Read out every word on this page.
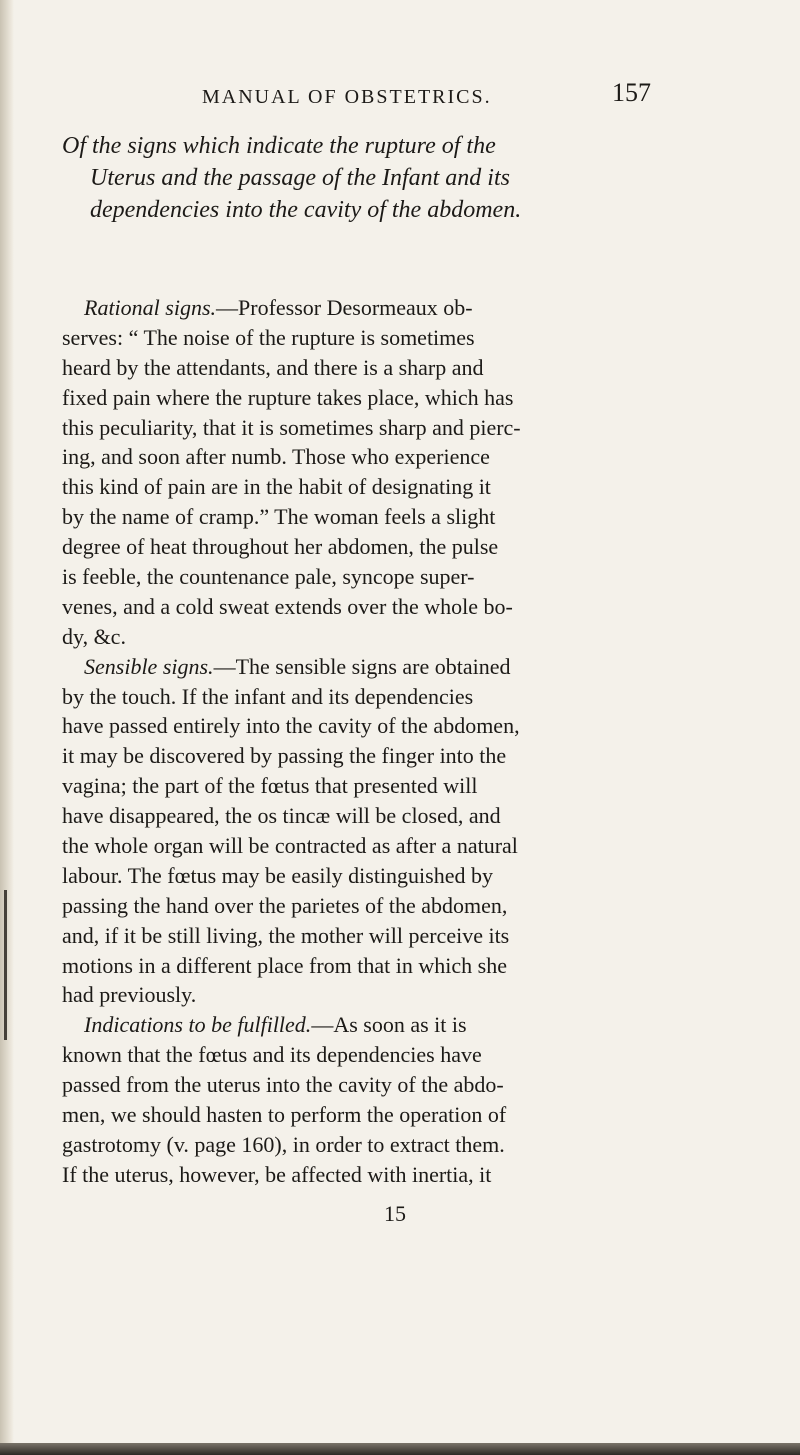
MANUAL OF OBSTETRICS.	157
Of the signs which indicate the rupture of the
Uterus and the passage of the Infant and its
dependencies into the cavity of the abdomen.
Rational signs.—Professor Desormeaux ob-
serves: “ The noise of the rupture is sometimes
heard by the attendants, and there is a sharp and
fixed pain where the rupture takes place, which has
this peculiarity, that it is sometimes sharp and pierc-
ing, and soon after numb. Those who experience
this kind of pain are in the habit of designating it
by the name of cramp.” The woman feels a slight
degree of heat throughout her abdomen, the pulse
is feeble, the countenance pale, syncope super-
venes, and a cold sweat extends over the whole bo-
dy, &c.
Sensible signs.—The sensible signs are obtained
by the touch. If the infant and its dependencies
have passed entirely into the cavity of the abdomen,
it may be discovered by passing the finger into the
vagina; the part of the fœtus that presented will
have disappeared, the os tincæ will be closed, and
the whole organ will be contracted as after a natural
labour. The fœtus may be easily distinguished by
passing the hand over the parietes of the abdomen,
and, if it be still living, the mother will perceive its
motions in a different place from that in which she
had previously.
Indications to be fulfilled.—As soon as it is
known that the fœtus and its dependencies have
passed from the uterus into the cavity of the abdo-
men, we should hasten to perform the operation of
gastrotomy (v. page 160), in order to extract them.
If the uterus, however, be affected with inertia, it
15
